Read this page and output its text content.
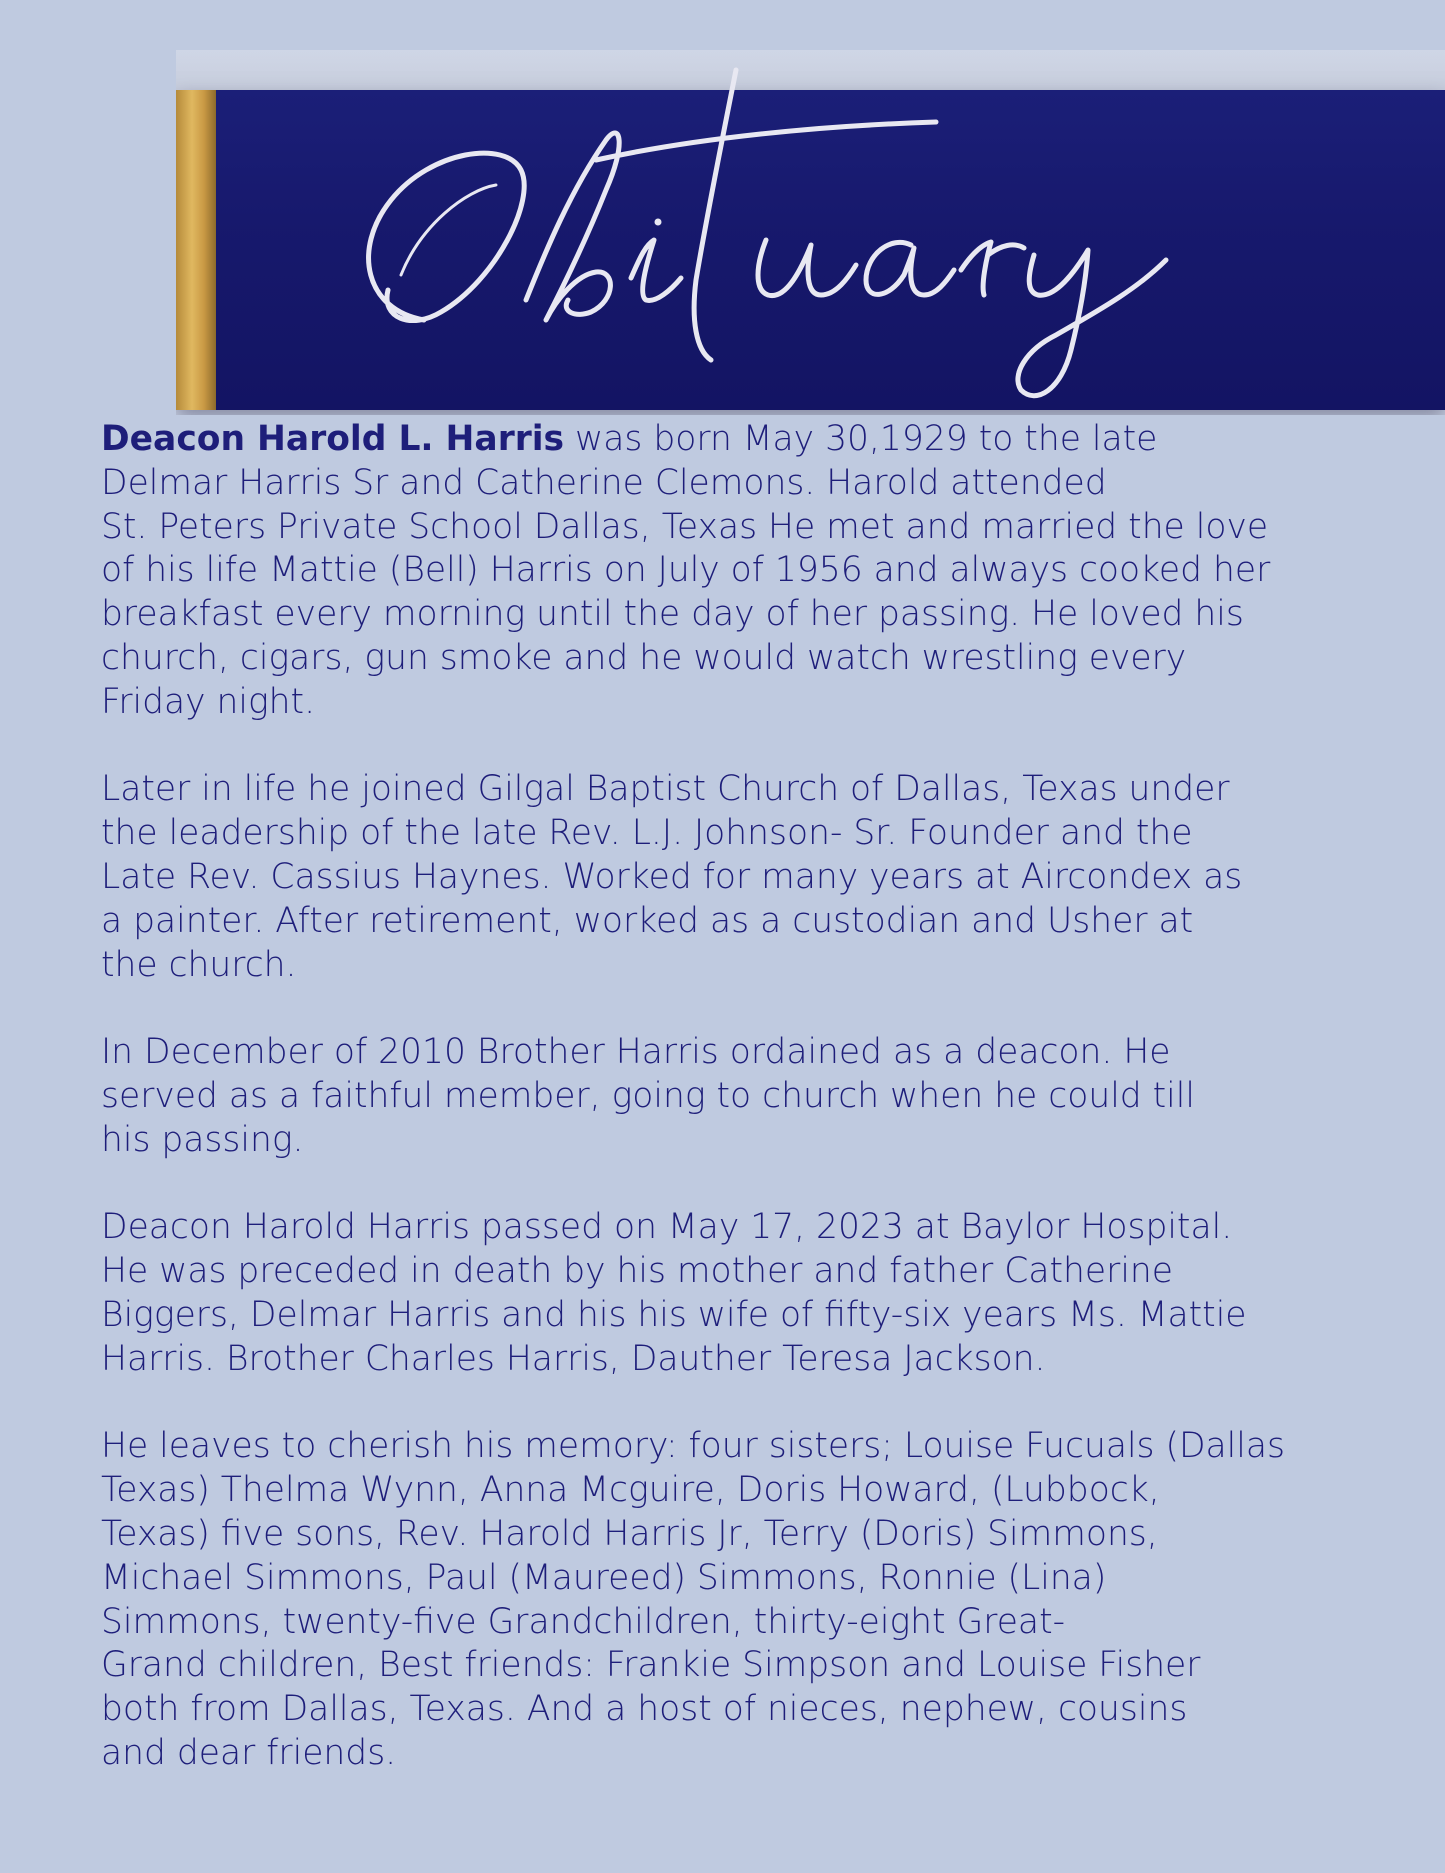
Deacon Harold L. Harris was born May 30,1929 to the late
Delmar Harris Sr and Catherine Clemons. Harold attended
St. Peters Private School Dallas, Texas He met and married the love
of his life Mattie (Bell) Harris on July of 1956 and always cooked her
breakfast every morning until the day of her passing. He loved his
church, cigars, gun smoke and he would watch wrestling every
Friday night.

Later in life he joined Gilgal Baptist Church of Dallas, Texas under
the leadership of the late Rev. L.J. Johnson- Sr. Founder and the
Late Rev. Cassius Haynes. Worked for many years at Aircondex as
a painter. After retirement, worked as a custodian and Usher at
the church.

In December of 2010 Brother Harris ordained as a deacon. He
served as a faithful member, going to church when he could till
his passing.

Deacon Harold Harris passed on May 17, 2023 at Baylor Hospital.
He was preceded in death by his mother and father Catherine
Biggers, Delmar Harris and his his wife of fifty-six years Ms. Mattie
Harris. Brother Charles Harris, Dauther Teresa Jackson.

He leaves to cherish his memory: four sisters; Louise Fucuals (Dallas
Texas) Thelma Wynn, Anna Mcguire, Doris Howard, (Lubbock,
Texas) five sons, Rev. Harold Harris Jr, Terry (Doris) Simmons,
Michael Simmons, Paul (Maureed) Simmons, Ronnie (Lina)
Simmons, twenty-five Grandchildren, thirty-eight Great-
Grand children, Best friends: Frankie Simpson and Louise Fisher
both from Dallas, Texas. And a host of nieces, nephew, cousins
and dear friends.
